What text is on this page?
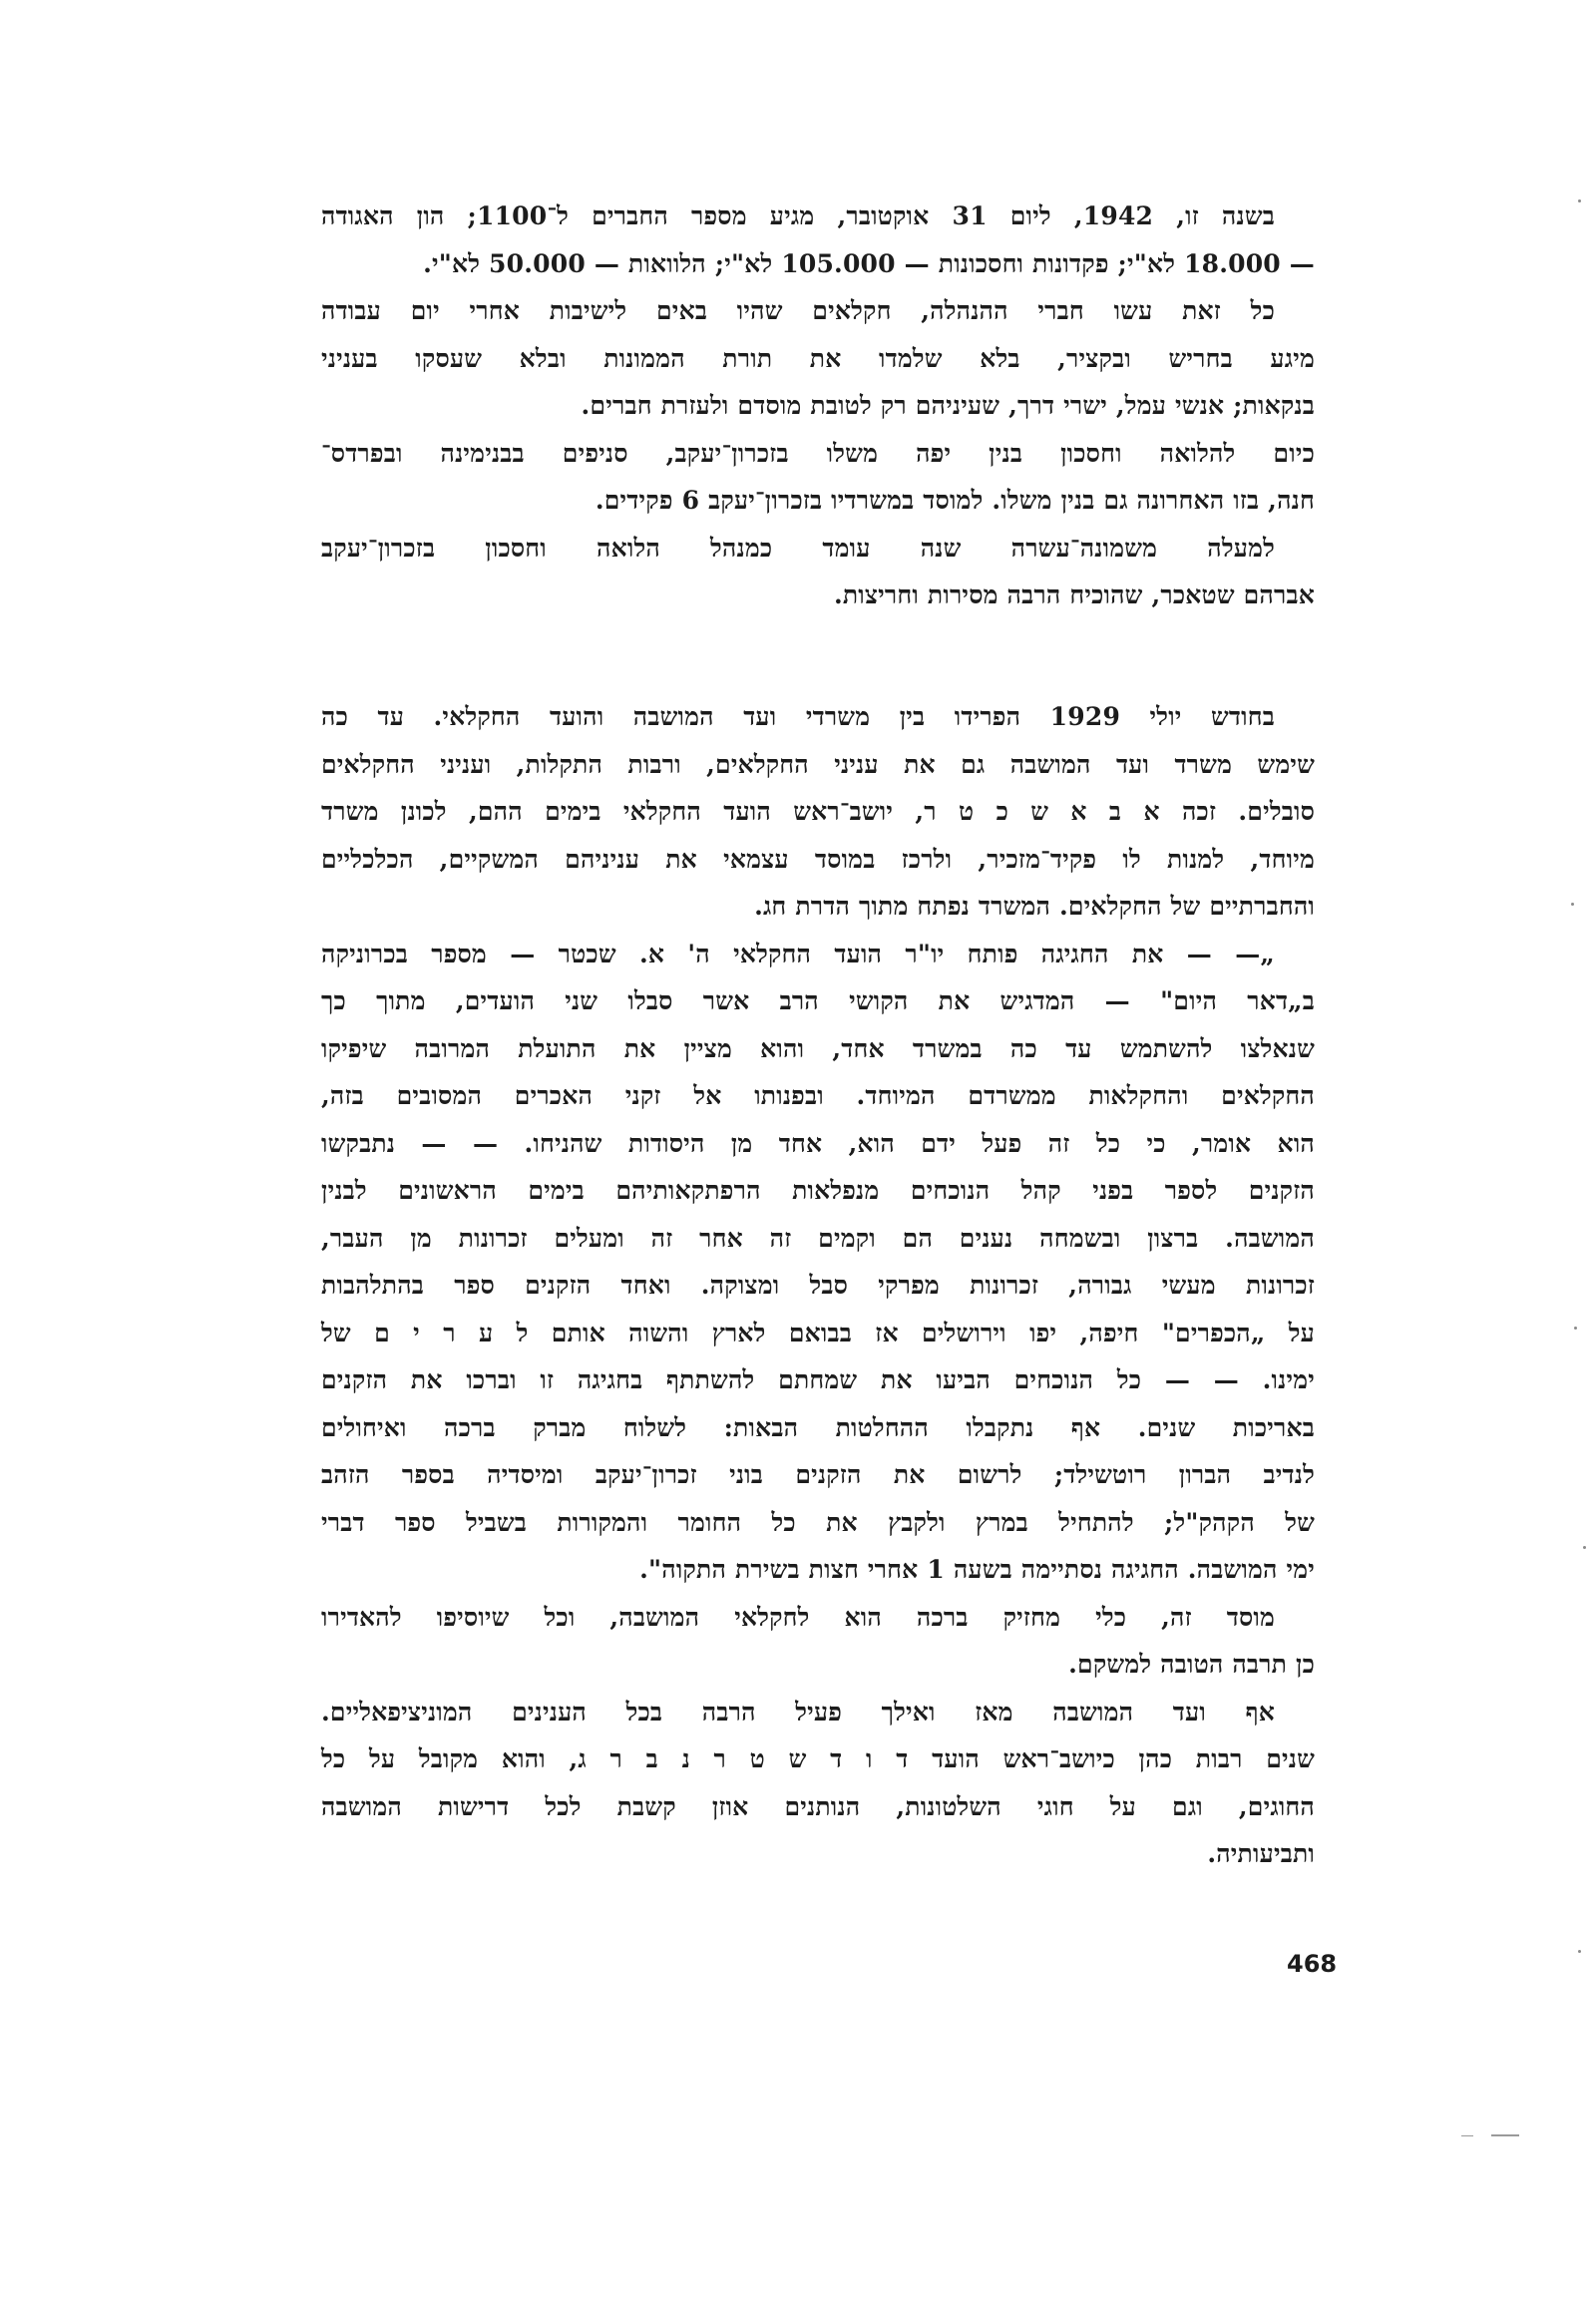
בשנה זו, 1942, ליום 31 אוקטובר, מגיע מספר החברים ל־1100; הון האגודה
— 18.000 לא"י; פקדונות וחסכונות — 105.000 לא"י; הלוואות — 50.000 לא"י.
כל זאת עשו חברי ההנהלה, חקלאים שהיו באים לישיבות אחרי יום עבודה
מיגע בחריש ובקציר, בלא שלמדו את תורת הממונות ובלא שעסקו בעניני
בנקאות; אנשי עמל, ישרי דרך, שעיניהם רק לטובת מוסדם ולעזרת חברים.
כיום להלואה וחסכון בנין יפה משלו בזכרון־יעקב, סניפים בבנימינה ובפרדס־
חנה, בזו האחרונה גם בנין משלו. למוסד במשרדיו בזכרון־יעקב 6 פקידים.
למעלה משמונה־עשרה שנה עומד כמנהל הלואה וחסכון בזכרון־יעקב
אברהם שטאכר, שהוכיח הרבה מסירות וחריצות.
בחודש יולי 1929 הפרידו בין משרדי ועד המושבה והועד החקלאי. עד כה
שימש משרד ועד המושבה גם את עניני החקלאים, ורבות התקלות, ועניני החקלאים
סובלים. זכה א ב א ש כ ט ר, יושב־ראש הועד החקלאי בימים ההם, לכונן משרד
מיוחד, למנות לו פקיד־מזכיר, ולרכז במוסד עצמאי את עניניהם המשקיים, הכלכליים
והחברתיים של החקלאים. המשרד נפתח מתוך הדרת חג.
„— — את החגיגה פותח יו"ר הועד החקלאי ה' א. שכטר — מספר בכרוניקה
ב„דאר היום" — המדגיש את הקושי הרב אשר סבלו שני הועדים, מתוך כך
שנאלצו להשתמש עד כה במשרד אחד, והוא מציין את התועלת המרובה שיפיקו
החקלאים והחקלאות ממשרדם המיוחד. ובפנותו אל זקני האכרים המסובים בזה,
הוא אומר, כי כל זה פעל ידם הוא, אחד מן היסודות שהניחו. — — נתבקשו
הזקנים לספר בפני קהל הנוכחים מנפלאות הרפתקאותיהם בימים הראשונים לבנין
המושבה. ברצון ובשמחה נענים הם וקמים זה אחר זה ומעלים זכרונות מן העבר,
זכרונות מעשי גבורה, זכרונות מפרקי סבל ומצוקה. ואחד הזקנים ספר בהתלהבות
על „הכפרים" חיפה, יפו וירושלים אז בבואם לארץ והשוה אותם ל ע ר י ם של
ימינו. — — כל הנוכחים הביעו את שמחתם להשתתף בחגיגה זו וברכו את הזקנים
באריכות שנים. אף נתקבלו ההחלטות הבאות: לשלוח מברק ברכה ואיחולים
לנדיב הברון רוטשילד; לרשום את הזקנים בוני זכרון־יעקב ומיסדיה בספר הזהב
של הקהק"ל; להתחיל במרץ ולקבץ את כל החומר והמקורות בשביל ספר דברי
ימי המושבה. החגיגה נסתיימה בשעה 1 אחרי חצות בשירת התקוה".
מוסד זה, כלי מחזיק ברכה הוא לחקלאי המושבה, וכל שיוסיפו להאדירו
כן תרבה הטובה למשקם.
אף ועד המושבה מאז ואילך פעיל הרבה בכל הענינים המוניציפאליים.
שנים רבות כהן כיושב־ראש הועד ד ו ד ש ט ר נ ב ר ג, והוא מקובל על כל
החוגים, וגם על חוגי השלטונות, הנותנים אוזן קשבת לכל דרישות המושבה
ותביעותיה.
468
